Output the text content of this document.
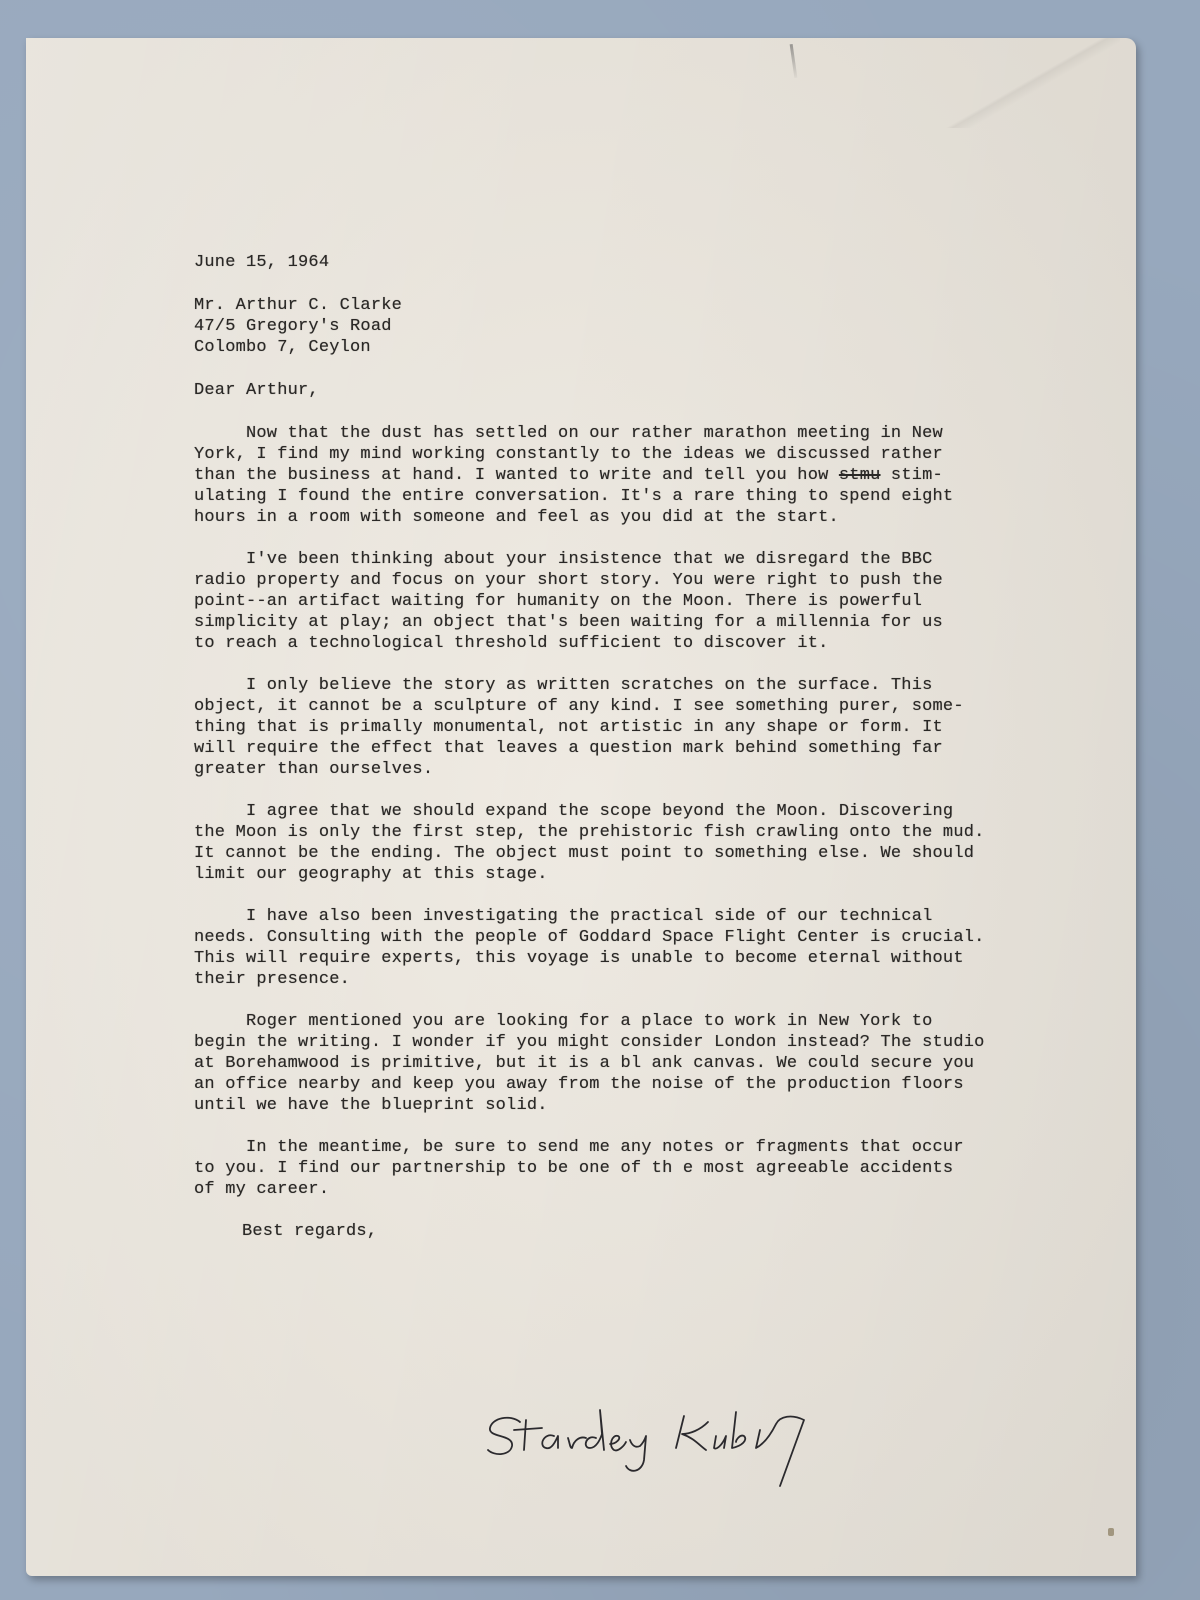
June 15, 1964
Mr. Arthur C. Clarke
47/5 Gregory's Road
Colombo 7, Ceylon
Dear Arthur,
Now that the dust has settled on our rather marathon meeting in New
York, I find my mind working constantly to the ideas we discussed rather
than the business at hand. I wanted to write and tell you how stmu stim-
ulating I found the entire conversation. It's a rare thing to spend eight
hours in a room with someone and feel as you did at the start.
I've been thinking about your insistence that we disregard the BBC
radio property and focus on your short story. You were right to push the
point--an artifact waiting for humanity on the Moon. There is powerful
simplicity at play; an object that's been waiting for a millennia for us
to reach a technological threshold sufficient to discover it.
I only believe the story as written scratches on the surface. This
object, it cannot be a sculpture of any kind. I see something purer, some-
thing that is primally monumental, not artistic in any shape or form. It
will require the effect that leaves a question mark behind something far
greater than ourselves.
I agree that we should expand the scope beyond the Moon. Discovering
the Moon is only the first step, the prehistoric fish crawling onto the mud.
It cannot be the ending. The object must point to something else. We should
limit our geography at this stage.
I have also been investigating the practical side of our technical
needs. Consulting with the people of Goddard Space Flight Center is crucial.
This will require experts, this voyage is unable to become eternal without
their presence.
Roger mentioned you are looking for a place to work in New York to
begin the writing. I wonder if you might consider London instead? The studio
at Borehamwood is primitive, but it is a bl ank canvas. We could secure you
an office nearby and keep you away from the noise of the production floors
until we have the blueprint solid.
In the meantime, be sure to send me any notes or fragments that occur
to you. I find our partnership to be one of th e most agreeable accidents
of my career.
Best regards,
